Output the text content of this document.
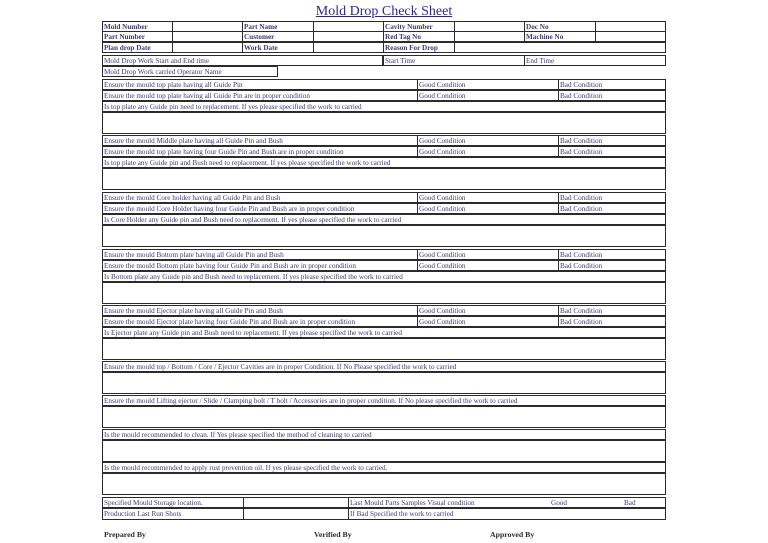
Mold Drop Check Sheet
Mold Number	Part Name	Cavity Number	Doc No
Part Number	Customer	Red Tag No	Machine No
Plan drop Date	Work Date	Reason For Drop
Mold Drop Work Start and End time	Start Time	End Time
Mold Drop Work carried Operator Name
Ensure the mould top plate having all Guide Pin	Good Condition	Bad Condition
Ensure the mould top plate having all Guide Pin are in proper condition	Good Condition	Bad Condition
Is top plate any Guide pin need to replacement. If yes please specified the work to carried
Ensure the mould Middle plate having all Guide Pin and Bush	Good Condition	Bad Condition
Ensure the mould top plate having four Guide Pin and Bush are in proper condition	Good Condition	Bad Condition
Is top plate any Guide pin and Bush need to replacement. If yes please specified the work to carried
Ensure the mould Core holder having all Guide Pin and Bush	Good Condition	Bad Condition
Ensure the mould Core Holder having four Guide Pin and Bush are in proper condition	Good Condition	Bad Condition
Is Core Holder any Guide pin and Bush need to replacement. If yes please specified the work to carried
Ensure the mould Bottom plate having all Guide Pin and Bush	Good Condition	Bad Condition
Ensure the mould Bottom plate having four Guide Pin and Bush are in proper condition	Good Condition	Bad Condition
Is Bottom plate any Guide pin and Bush need to replacement. If yes please specified the work to carried
Ensure the mould Ejector plate having all Guide Pin and Bush	Good Condition	Bad Condition
Ensure the mould Ejector plate having four Guide Pin and Bush are in proper condition	Good Condition	Bad Condition
Is Ejector plate any Guide pin and Bush need to replacement. If yes please specified the work to carried
Ensure the mould top / Bottom / Core / Ejector Cavities are in proper Condition. If No Please specified the work to carried
Ensure the mould Lifting ejector / Slide / Clamping bolt / T bolt / Accessories are in proper condition. If No please specified the work to carried
Is the mould recommended to clean. If Yes please specified the method of cleaning to carried
Is the mould recommended to apply rust prevention oil. If yes please specified the work to carried.
Specified Mould Storage location.	Last Mould Parts Samples Visual condition	Good	Bad
Production Last Run Shots	If Bad Specified the work to carried
Prepared By	Verified By	Approved By
